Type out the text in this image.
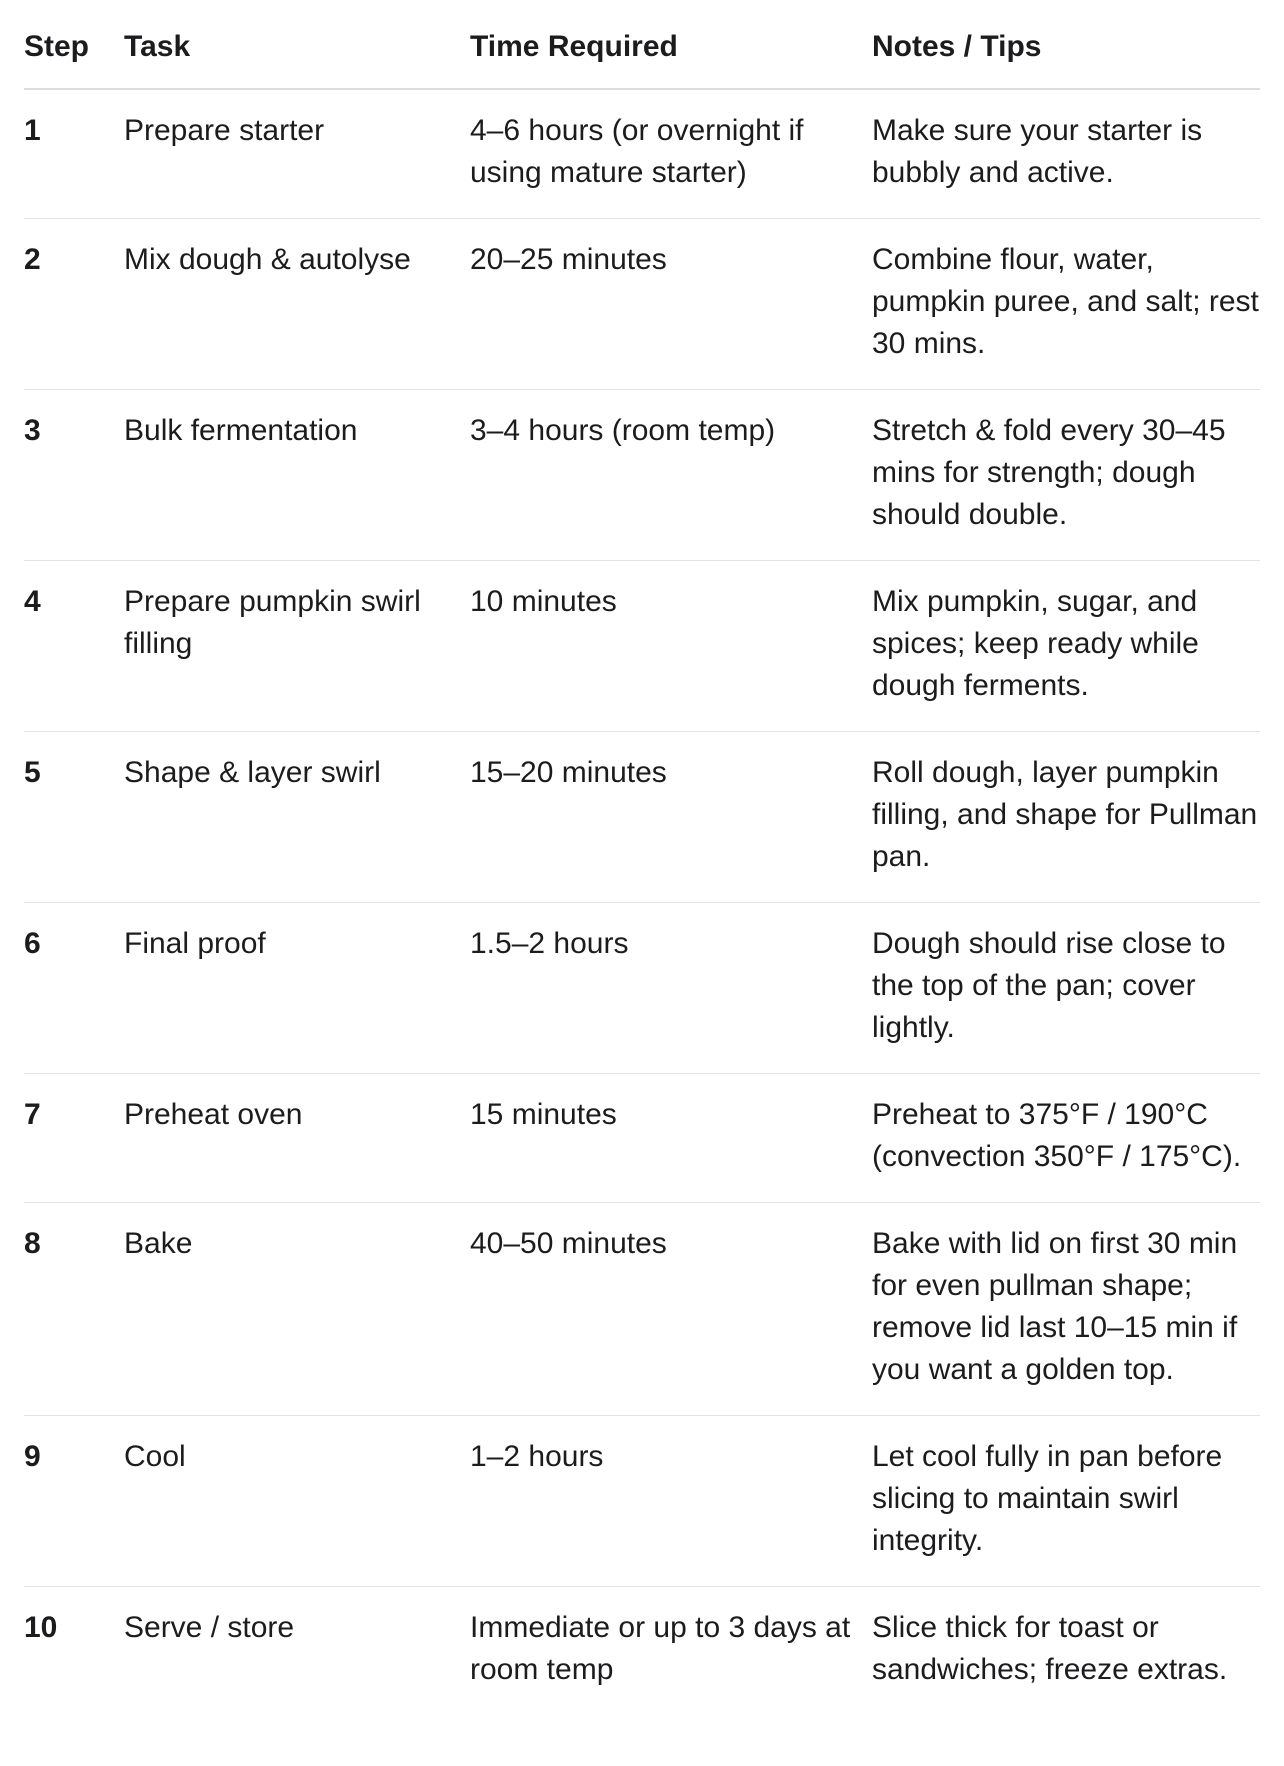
Step	Task	Time Required	Notes / Tips
1	Prepare starter	4–6 hours (or overnight if using mature starter)	Make sure your starter is bubbly and active.
2	Mix dough & autolyse	20–25 minutes	Combine flour, water, pumpkin puree, and salt; rest 30 mins.
3	Bulk fermentation	3–4 hours (room temp)	Stretch & fold every 30–45 mins for strength; dough should double.
4	Prepare pumpkin swirl filling	10 minutes	Mix pumpkin, sugar, and spices; keep ready while dough ferments.
5	Shape & layer swirl	15–20 minutes	Roll dough, layer pumpkin filling, and shape for Pullman pan.
6	Final proof	1.5–2 hours	Dough should rise close to the top of the pan; cover lightly.
7	Preheat oven	15 minutes	Preheat to 375°F / 190°C (convection 350°F / 175°C).
8	Bake	40–50 minutes	Bake with lid on first 30 min for even pullman shape; remove lid last 10–15 min if you want a golden top.
9	Cool	1–2 hours	Let cool fully in pan before slicing to maintain swirl integrity.
10	Serve / store	Immediate or up to 3 days at room temp	Slice thick for toast or sandwiches; freeze extras.
